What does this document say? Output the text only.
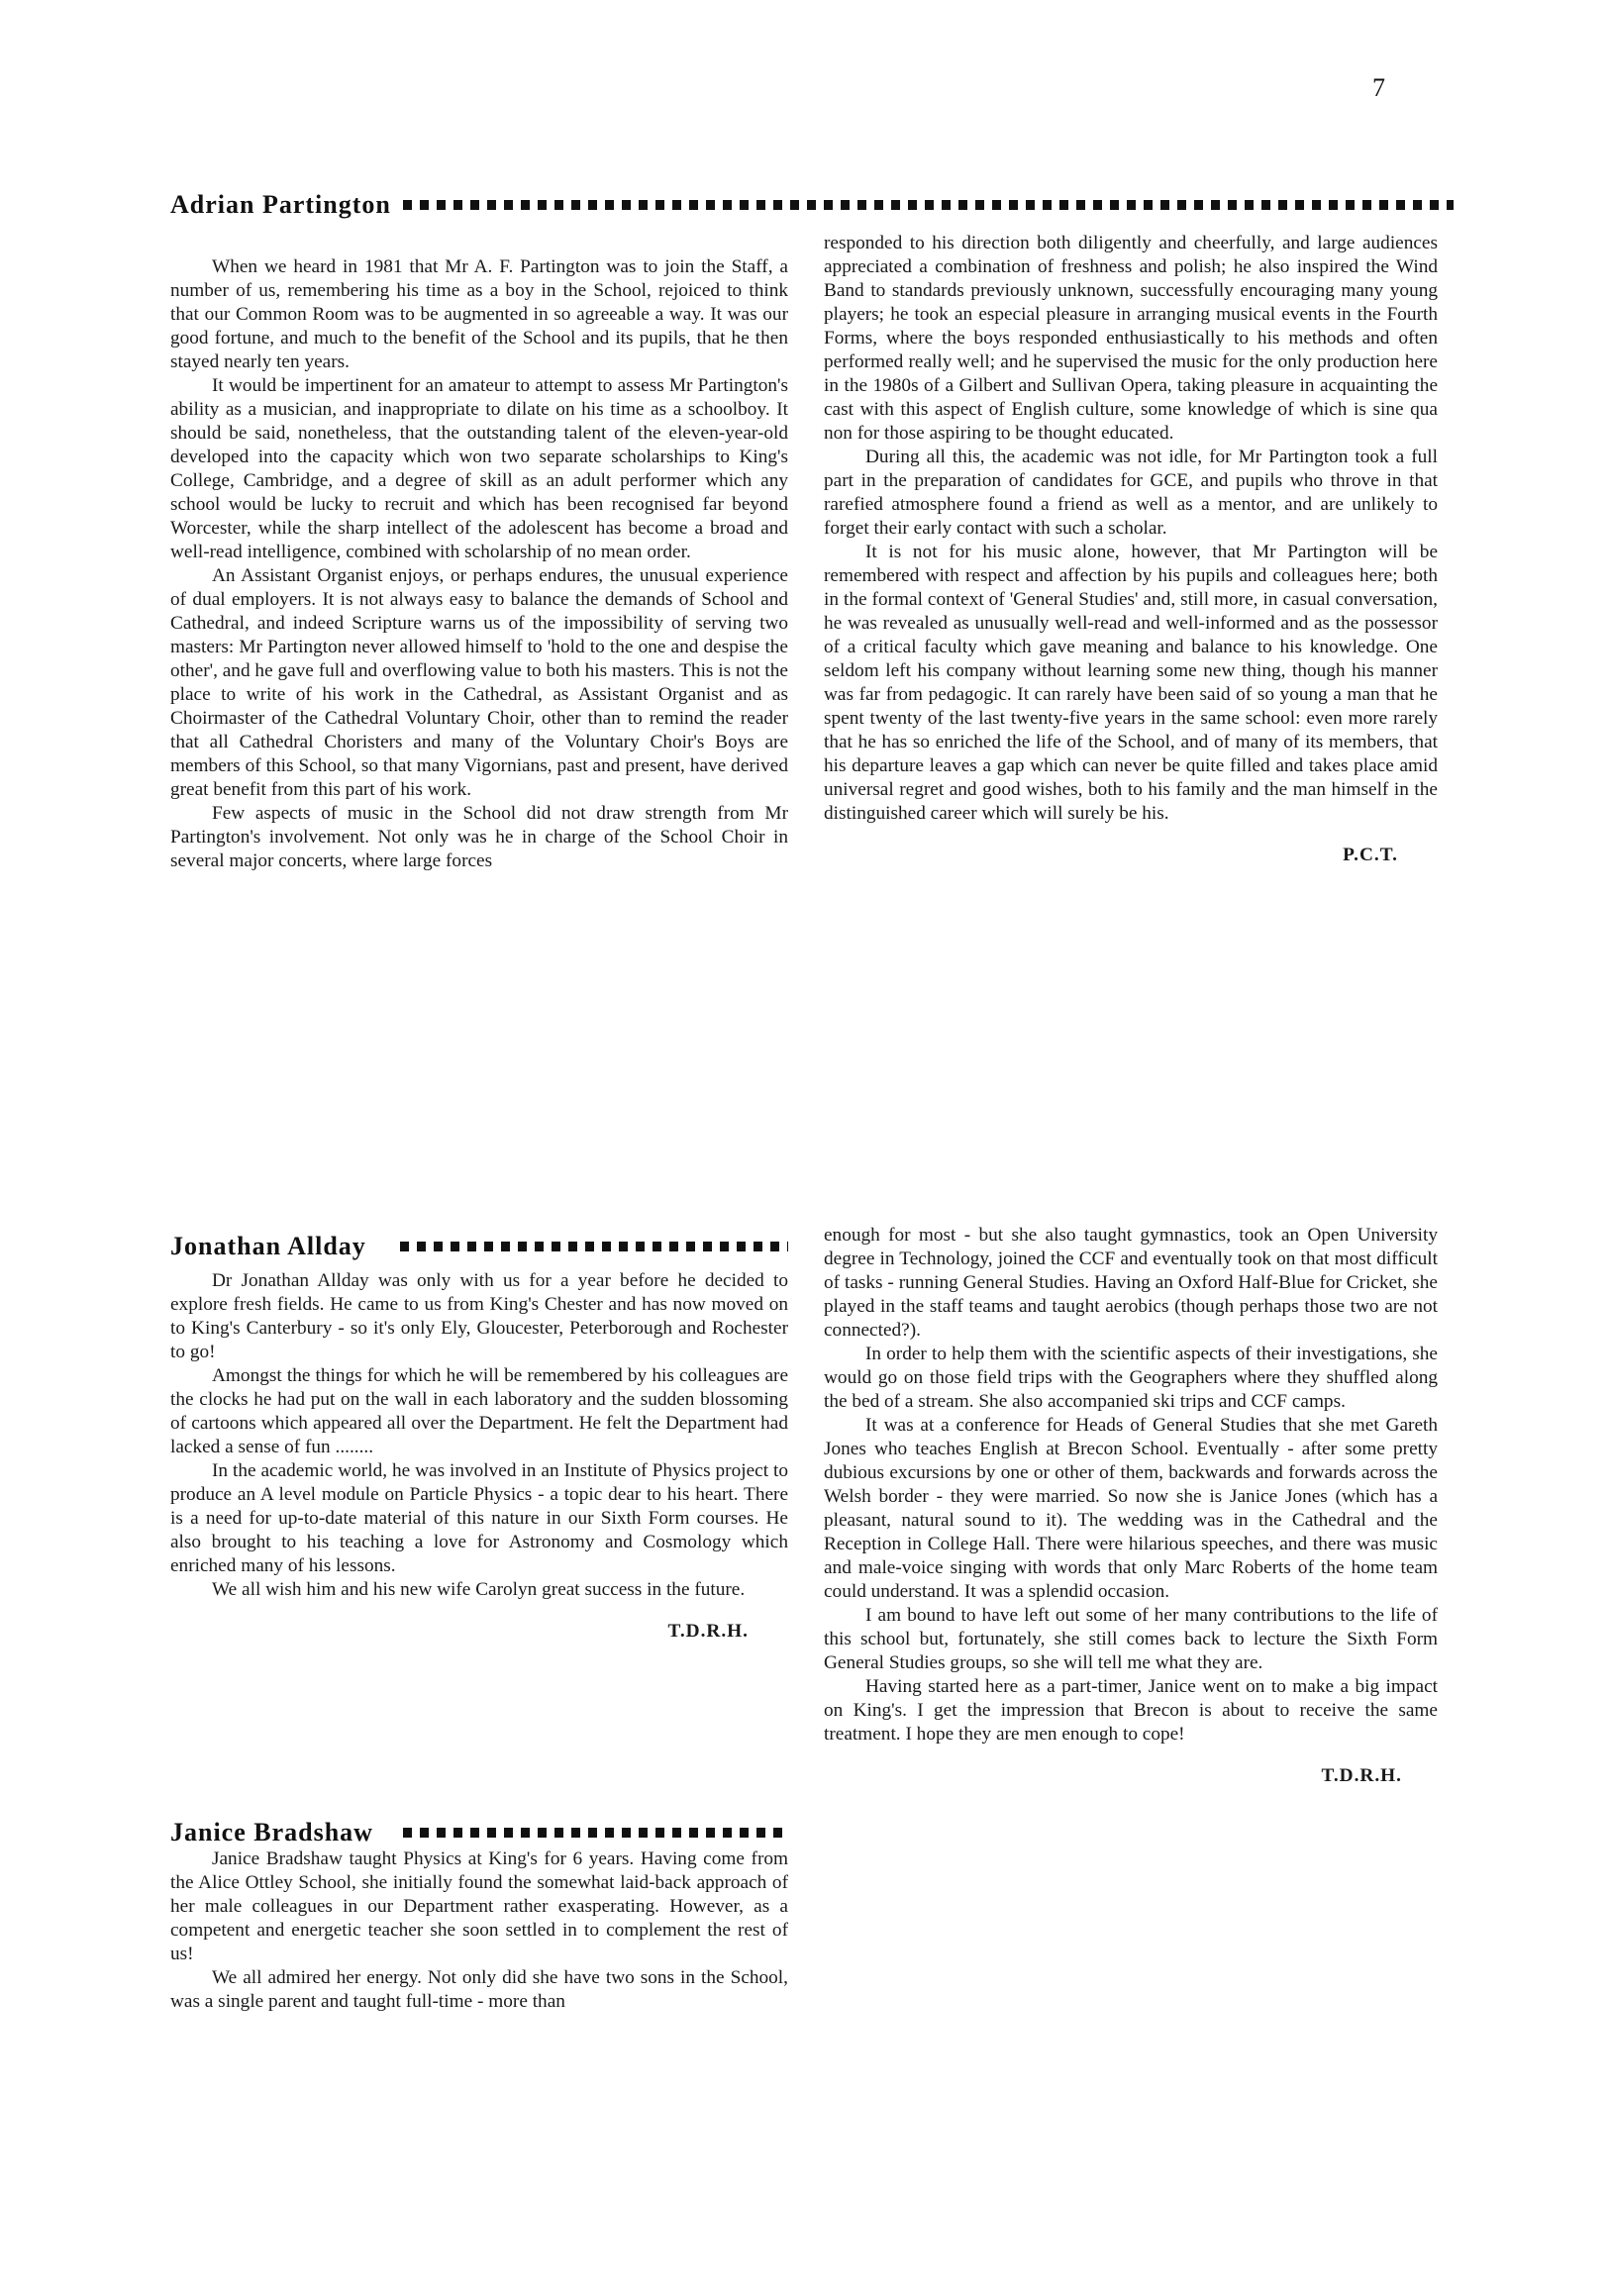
7
Adrian Partington

When we heard in 1981 that Mr A. F. Partington was to join the Staff, a number of us, remembering his time as a boy in the School, rejoiced to think that our Common Room was to be augmented in so agreeable a way. It was our good fortune, and much to the benefit of the School and its pupils, that he then stayed nearly ten years.

It would be impertinent for an amateur to attempt to assess Mr Partington's ability as a musician, and inappropriate to dilate on his time as a schoolboy. It should be said, nonetheless, that the outstanding talent of the eleven-year-old developed into the capacity which won two separate scholarships to King's College, Cambridge, and a degree of skill as an adult performer which any school would be lucky to recruit and which has been recognised far beyond Worcester, while the sharp intellect of the adolescent has become a broad and well-read intelligence, combined with scholarship of no mean order.

An Assistant Organist enjoys, or perhaps endures, the unusual experience of dual employers. It is not always easy to balance the demands of School and Cathedral, and indeed Scripture warns us of the impossibility of serving two masters: Mr Partington never allowed himself to 'hold to the one and despise the other', and he gave full and overflowing value to both his masters. This is not the place to write of his work in the Cathedral, as Assistant Organist and as Choirmaster of the Cathedral Voluntary Choir, other than to remind the reader that all Cathedral Choristers and many of the Voluntary Choir's Boys are members of this School, so that many Vigornians, past and present, have derived great benefit from this part of his work.

Few aspects of music in the School did not draw strength from Mr Partington's involvement. Not only was he in charge of the School Choir in several major concerts, where large forces

responded to his direction both diligently and cheerfully, and large audiences appreciated a combination of freshness and polish; he also inspired the Wind Band to standards previously unknown, successfully encouraging many young players; he took an especial pleasure in arranging musical events in the Fourth Forms, where the boys responded enthusiastically to his methods and often performed really well; and he supervised the music for the only production here in the 1980s of a Gilbert and Sullivan Opera, taking pleasure in acquainting the cast with this aspect of English culture, some knowledge of which is sine qua non for those aspiring to be thought educated.

During all this, the academic was not idle, for Mr Partington took a full part in the preparation of candidates for GCE, and pupils who throve in that rarefied atmosphere found a friend as well as a mentor, and are unlikely to forget their early contact with such a scholar.

It is not for his music alone, however, that Mr Partington will be remembered with respect and affection by his pupils and colleagues here; both in the formal context of 'General Studies' and, still more, in casual conversation, he was revealed as unusually well-read and well-informed and as the possessor of a critical faculty which gave meaning and balance to his knowledge. One seldom left his company without learning some new thing, though his manner was far from pedagogic. It can rarely have been said of so young a man that he spent twenty of the last twenty-five years in the same school: even more rarely that he has so enriched the life of the School, and of many of its members, that his departure leaves a gap which can never be quite filled and takes place amid universal regret and good wishes, both to his family and the man himself in the distinguished career which will surely be his.

P.C.T.
Jonathan Allday

Dr Jonathan Allday was only with us for a year before he decided to explore fresh fields. He came to us from King's Chester and has now moved on to King's Canterbury - so it's only Ely, Gloucester, Peterborough and Rochester to go!

Amongst the things for which he will be remembered by his colleagues are the clocks he had put on the wall in each laboratory and the sudden blossoming of cartoons which appeared all over the Department. He felt the Department had lacked a sense of fun ........

In the academic world, he was involved in an Institute of Physics project to produce an A level module on Particle Physics - a topic dear to his heart. There is a need for up-to-date material of this nature in our Sixth Form courses. He also brought to his teaching a love for Astronomy and Cosmology which enriched many of his lessons.

We all wish him and his new wife Carolyn great success in the future.

T.D.R.H.
Janice Bradshaw

Janice Bradshaw taught Physics at King's for 6 years. Having come from the Alice Ottley School, she initially found the somewhat laid-back approach of her male colleagues in our Department rather exasperating. However, as a competent and energetic teacher she soon settled in to complement the rest of us!

We all admired her energy. Not only did she have two sons in the School, was a single parent and taught full-time - more than

enough for most - but she also taught gymnastics, took an Open University degree in Technology, joined the CCF and eventually took on that most difficult of tasks - running General Studies. Having an Oxford Half-Blue for Cricket, she played in the staff teams and taught aerobics (though perhaps those two are not connected?).

In order to help them with the scientific aspects of their investigations, she would go on those field trips with the Geographers where they shuffled along the bed of a stream. She also accompanied ski trips and CCF camps.

It was at a conference for Heads of General Studies that she met Gareth Jones who teaches English at Brecon School. Eventually - after some pretty dubious excursions by one or other of them, backwards and forwards across the Welsh border - they were married. So now she is Janice Jones (which has a pleasant, natural sound to it). The wedding was in the Cathedral and the Reception in College Hall. There were hilarious speeches, and there was music and male-voice singing with words that only Marc Roberts of the home team could understand. It was a splendid occasion.

I am bound to have left out some of her many contributions to the life of this school but, fortunately, she still comes back to lecture the Sixth Form General Studies groups, so she will tell me what they are.

Having started here as a part-timer, Janice went on to make a big impact on King's. I get the impression that Brecon is about to receive the same treatment. I hope they are men enough to cope!

T.D.R.H.
